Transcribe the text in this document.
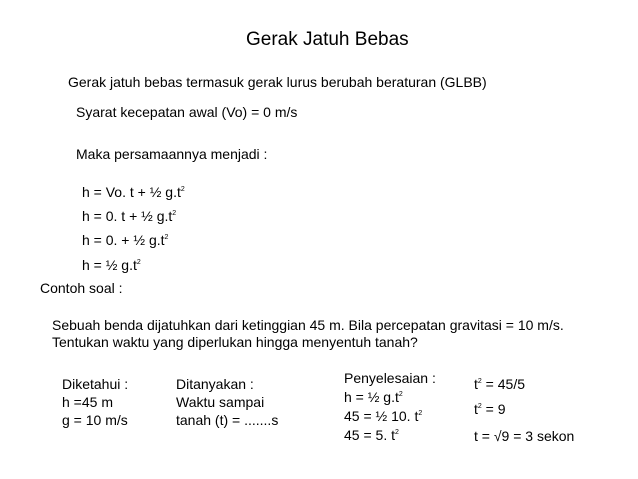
Gerak Jatuh Bebas
Gerak jatuh bebas termasuk gerak lurus berubah beraturan (GLBB)
Syarat kecepatan awal (Vo) = 0 m/s
Maka persamaannya menjadi :
h = Vo. t + ½ $g.t^2$
h = 0. t + ½ $g.t^2$
h = 0. + ½ $g.t^2$
h = ½ $g.t^2$
Contoh soal :
Sebuah benda dijatuhkan dari ketinggian 45 m. Bila percepatan gravitasi = 10 m/s. Tentukan waktu yang diperlukan hingga menyentuh tanah?
Diketahui :
h =45 m
g = 10 m/s
Ditanyakan :
Waktu sampai
tanah (t) = .......s
Penyelesaian :
h = ½ $g.t^2$
45 = ½ 10. $t^2$
45 = 5. $t^2$
$t^2 = 45/5$
$t^2 = 9$
t = √9 = 3 sekon
